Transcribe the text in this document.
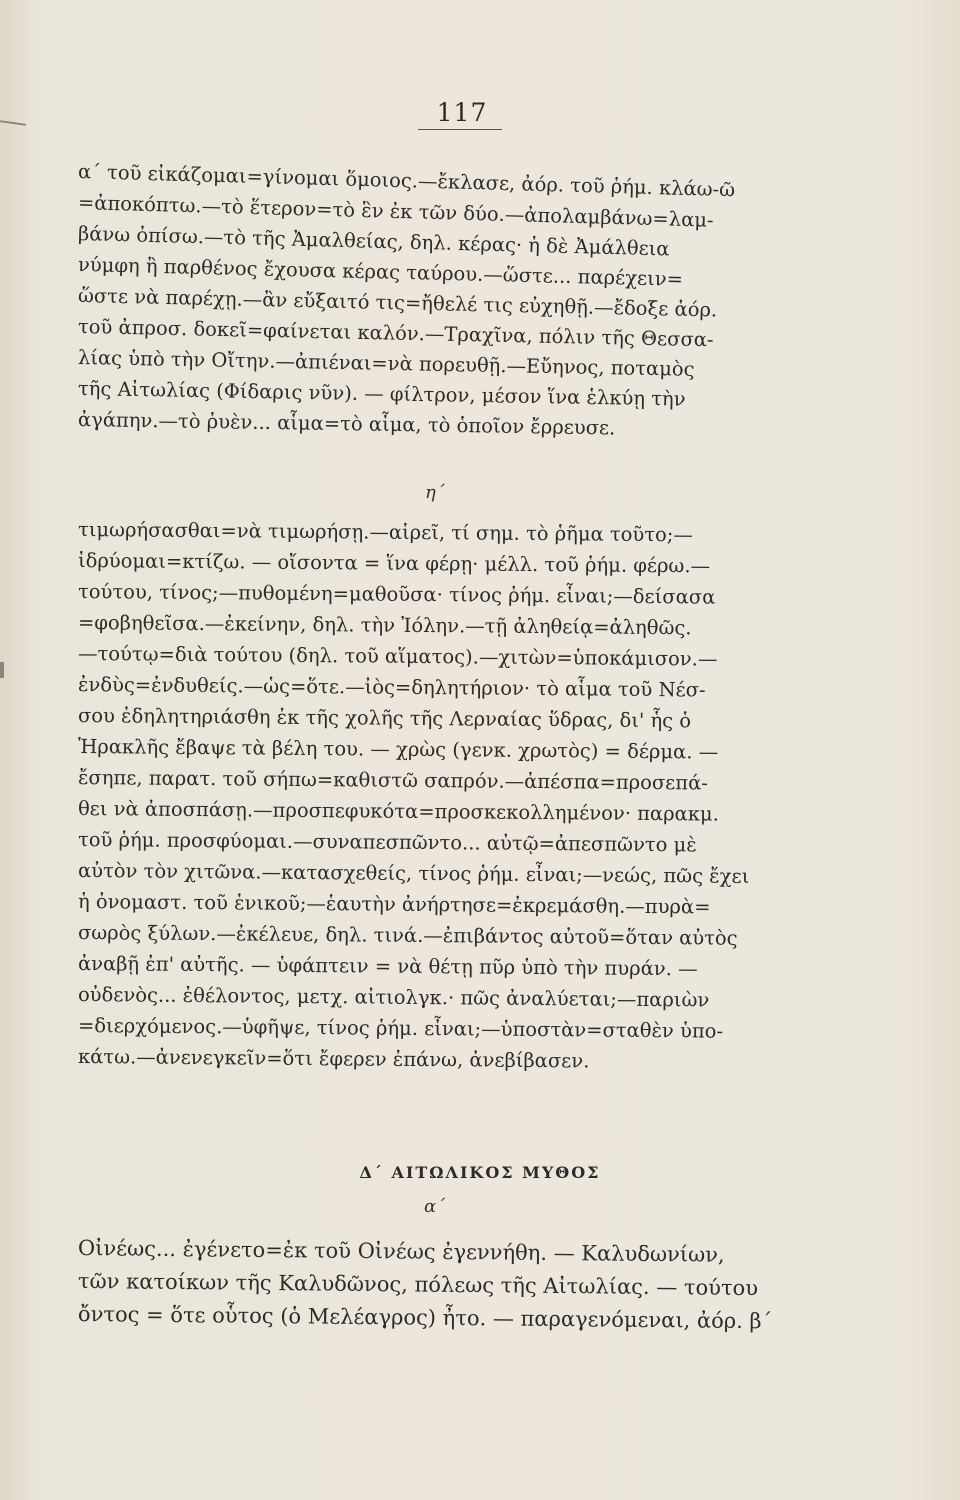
117
α΄ τοῦ εἰκάζομαι=γίνομαι ὅμοιος.—ἔκλασε, ἀόρ. τοῦ ῥήμ. κλάω-ῶ
=ἀποκόπτω.—τὸ ἕτερον=τὸ ἓν ἐκ τῶν δύο.—ἀπολαμβάνω=λαμ-
βάνω ὀπίσω.—τὸ τῆς Ἀμαλθείας, δηλ. κέρας· ἡ δὲ Ἀμάλθεια
νύμφη ἢ παρθένος ἔχουσα κέρας ταύρου.—ὥστε... παρέχειν=
ὥστε νὰ παρέχῃ.—ἂν εὔξαιτό τις=ἤθελέ τις εὐχηθῇ.—ἔδοξε ἀόρ.
τοῦ ἀπροσ. δοκεῖ=φαίνεται καλόν.—Τραχῖνα, πόλιν τῆς Θεσσα-
λίας ὑπὸ τὴν Οἴτην.—ἀπιέναι=νὰ πορευθῇ.—Εὔηνος, ποταμὸς
τῆς Αἰτωλίας (Φίδαρις νῦν). — φίλτρον, μέσον ἵνα ἑλκύῃ τὴν
ἀγάπην.—τὸ ῥυὲν... αἷμα=τὸ αἷμα, τὸ ὁποῖον ἔρρευσε.
η΄
τιμωρήσασθαι=νὰ τιμωρήσῃ.—αἱρεῖ, τί σημ. τὸ ῥῆμα τοῦτο;—
ἱδρύομαι=κτίζω. — οἴσοντα = ἵνα φέρῃ· μέλλ. τοῦ ῥήμ. φέρω.—
τούτου, τίνος;—πυθομένη=μαθοῦσα· τίνος ῥήμ. εἶναι;—δείσασα
=φοβηθεῖσα.—ἐκείνην, δηλ. τὴν Ἰόλην.—τῇ ἀληθείᾳ=ἀληθῶς.
—τούτῳ=διὰ τούτου (δηλ. τοῦ αἵματος).—χιτὼν=ὑποκάμισον.—
ἐνδὺς=ἐνδυθείς.—ὡς=ὅτε.—ἰὸς=δηλητήριον· τὸ αἷμα τοῦ Νέσ-
σου ἐδηλητηριάσθη ἐκ τῆς χολῆς τῆς Λερναίας ὕδρας, δι' ἧς ὁ
Ἡρακλῆς ἔβαψε τὰ βέλη του. — χρὼς (γενκ. χρωτὸς) = δέρμα. —
ἔσηπε, παρατ. τοῦ σήπω=καθιστῶ σαπρόν.—ἀπέσπα=προσεπά-
θει νὰ ἀποσπάσῃ.—προσπεφυκότα=προσκεκολλημένον· παρακμ.
τοῦ ῥήμ. προσφύομαι.—συναπεσπῶντο... αὐτῷ=ἀπεσπῶντο μὲ
αὐτὸν τὸν χιτῶνα.—κατασχεθείς, τίνος ῥήμ. εἶναι;—νεώς, πῶς ἔχει
ἡ ὀνομαστ. τοῦ ἑνικοῦ;—ἑαυτὴν ἀνήρτησε=ἐκρεμάσθη.—πυρὰ=
σωρὸς ξύλων.—ἐκέλευε, δηλ. τινά.—ἐπιβάντος αὐτοῦ=ὅταν αὐτὸς
ἀναβῇ ἐπ' αὐτῆς. — ὑφάπτειν = νὰ θέτῃ πῦρ ὑπὸ τὴν πυράν. —
οὐδενὸς... ἐθέλοντος, μετχ. αἰτιολγκ.· πῶς ἀναλύεται;—παριὼν
=διερχόμενος.—ὑφῆψε, τίνος ῥήμ. εἶναι;—ὑποστὰν=σταθὲν ὑπο-
κάτω.—ἀνενεγκεῖν=ὅτι ἔφερεν ἐπάνω, ἀνεβίβασεν.
Δ΄ ΑΙΤΩΛΙΚΟΣ ΜΥΘΟΣ
α΄
Οἰνέως... ἐγένετο=ἐκ τοῦ Οἰνέως ἐγεννήθη. — Καλυδωνίων,
τῶν κατοίκων τῆς Καλυδῶνος, πόλεως τῆς Αἰτωλίας. — τούτου
ὄντος = ὅτε οὗτος (ὁ Μελέαγρος) ἦτο. — παραγενόμεναι, ἀόρ. β΄
